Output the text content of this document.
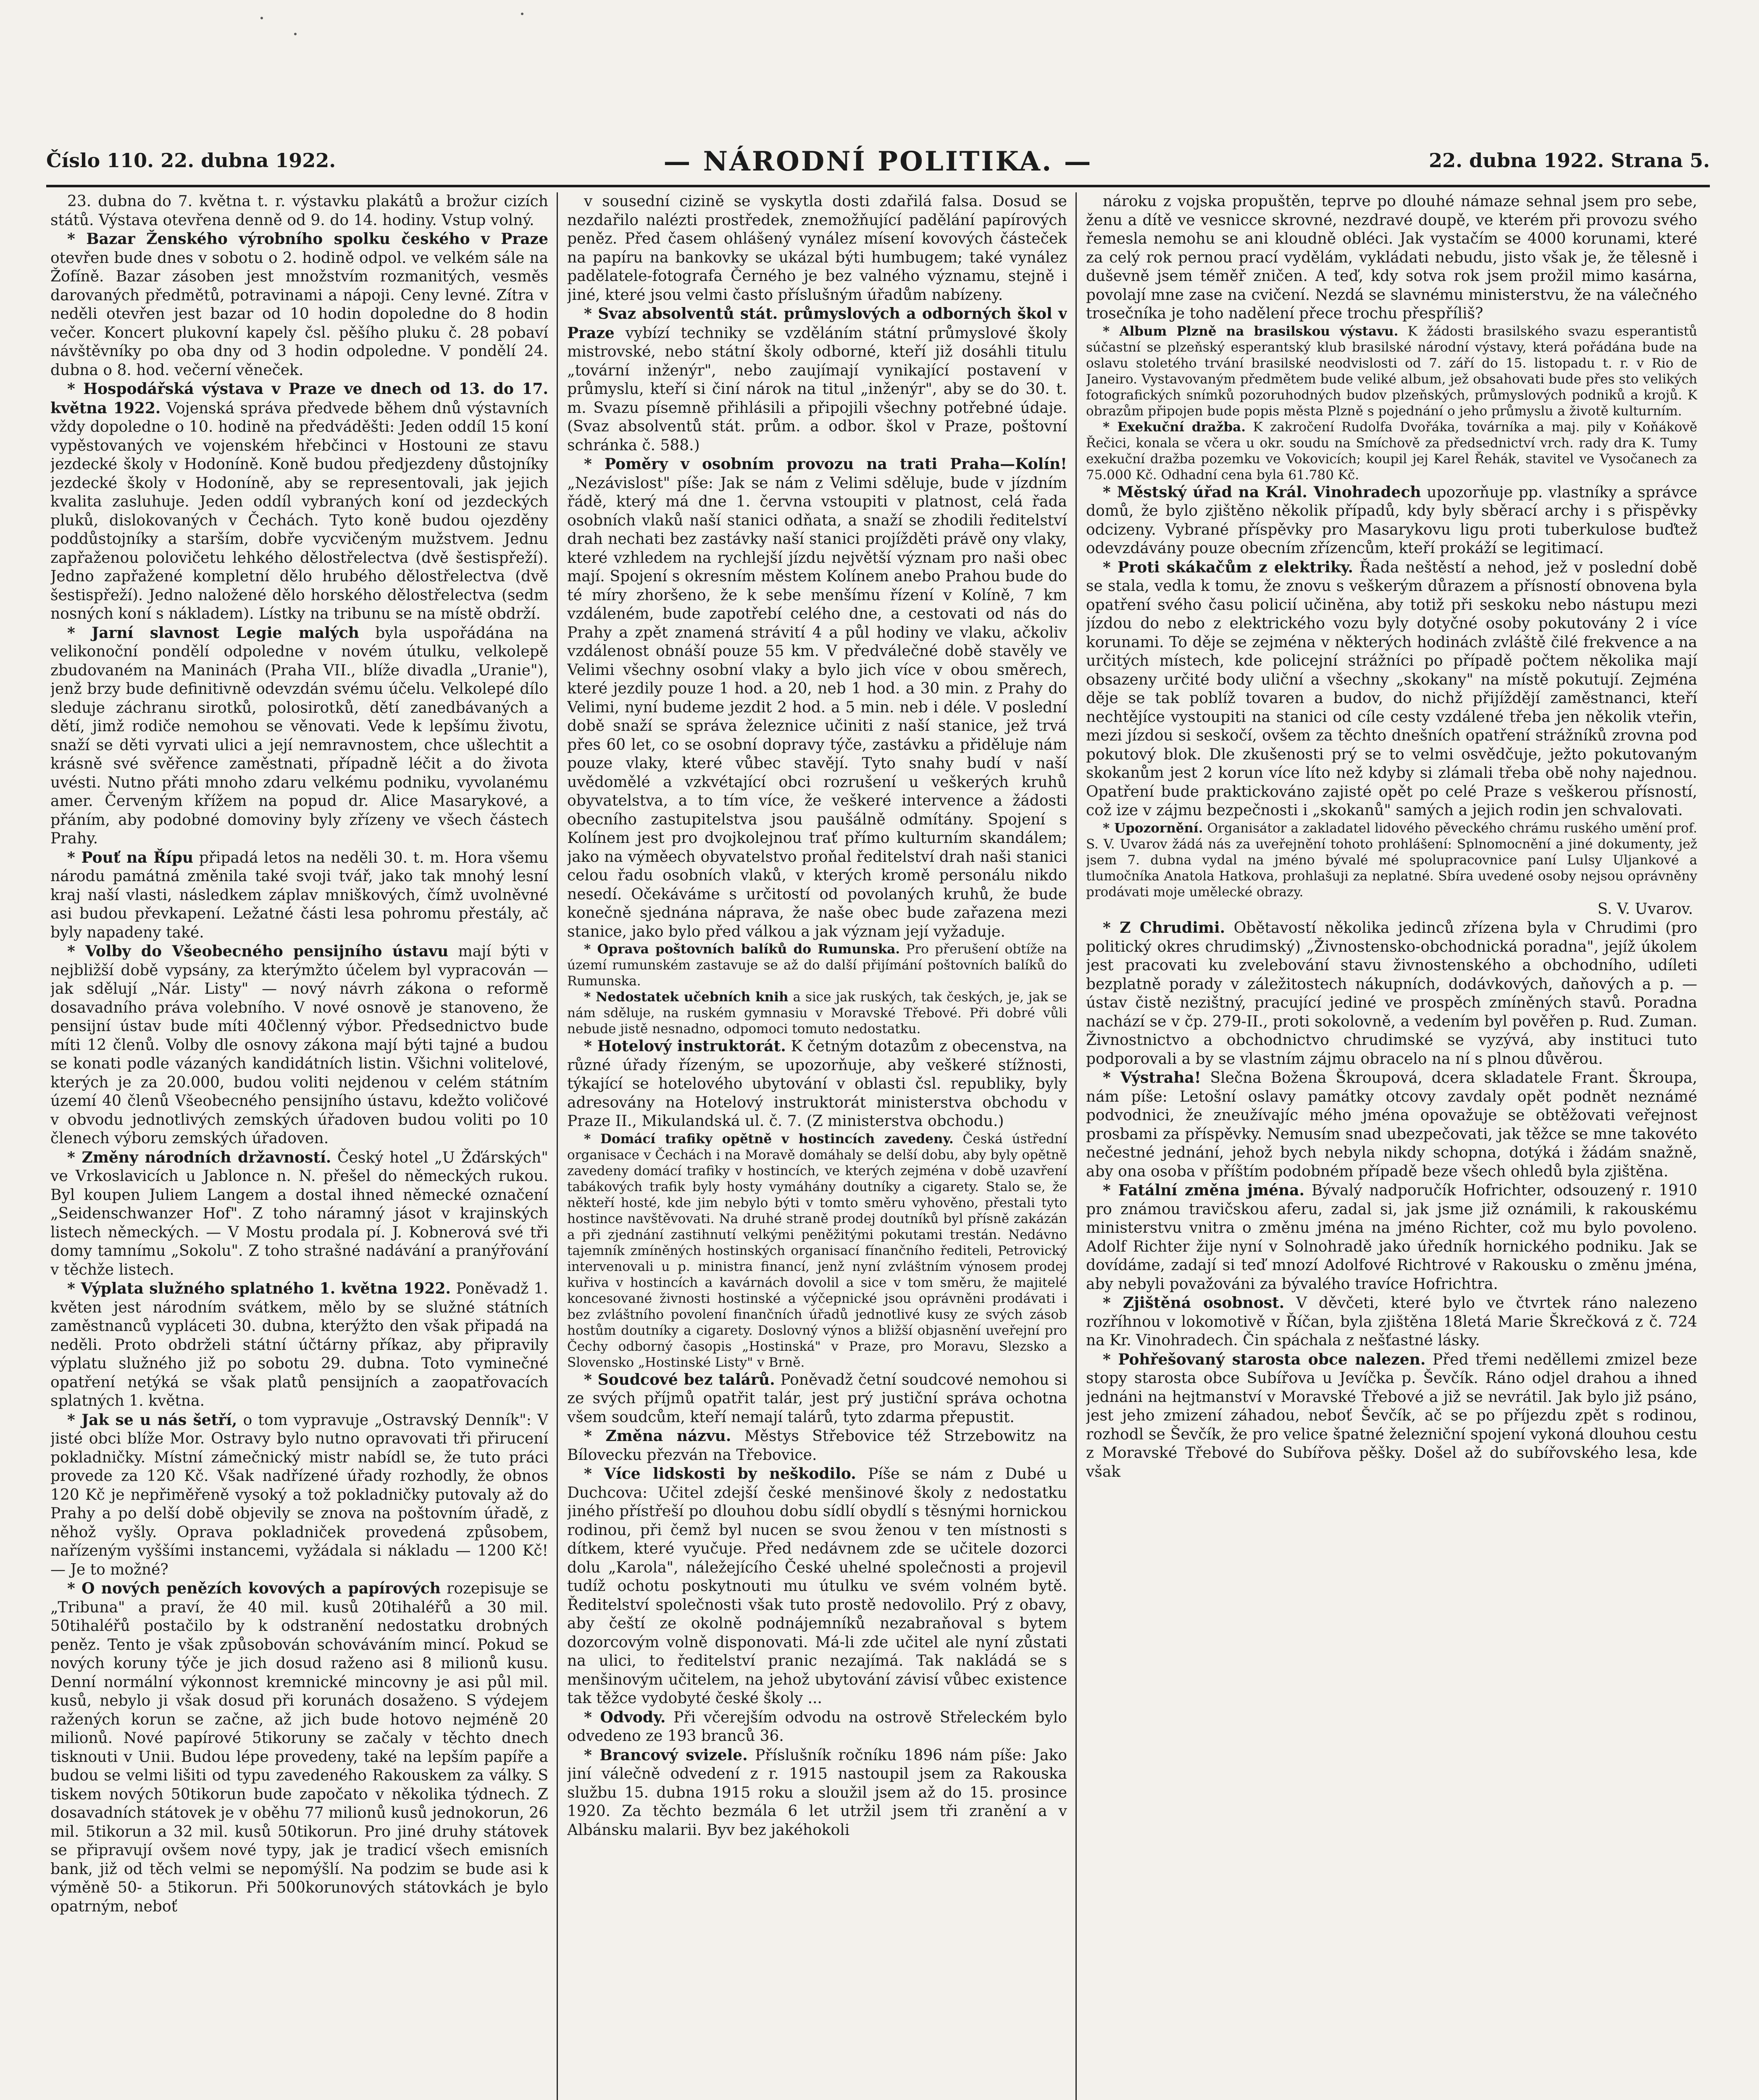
Číslo 110. 22. dubna 1922.	— NÁRODNÍ POLITIKA. —	22. dubna 1922. Strana 5.

23. dubna do 7. května t. r. výstavku plakátů a brožur cizích států. Výstava otevřena denně od 9. do 14. hodiny. Vstup volný.

* Bazar Ženského výrobního spolku českého v Praze otevřen bude dnes v sobotu o 2. hodině odpol. ve velkém sále na Žofíně. Bazar zásoben jest množstvím rozmanitých, vesměs darovaných předmětů, potravinami a nápoji. Ceny levné. Zítra v neděli otevřen jest bazar od 10 hodin dopoledne do 8 hodin večer. Koncert plukovní kapely čsl. pěšího pluku č. 28 pobaví návštěvníky po oba dny od 3 hodin odpoledne. V pondělí 24. dubna o 8. hod. večerní věneček.

* Hospodářská výstava v Praze ve dnech od 13. do 17. května 1922. Vojenská správa předvede během dnů výstavních vždy dopoledne o 10. hodině na předváděšti: Jeden oddíl 15 koní vypěstovaných ve vojenském hřebčinci v Hostouni ze stavu jezdecké školy v Hodoníně. Koně budou předjezdeny důstojníky jezdecké školy v Hodoníně, aby se representovali, jak jejich kvalita zasluhuje. Jeden oddíl vybraných koní od jezdeckých pluků, dislokovaných v Čechách. Tyto koně budou ojezděny poddůstojníky a starším, dobře vycvičeným mužstvem. Jednu zapřaženou polovičetu lehkého dělostřelectva (dvě šestispřeží). Jedno zapřažené kompletní dělo hrubého dělostřelectva (dvě šestispřeží). Jedno naložené dělo horského dělostřelectva (sedm nosných koní s nákladem). Lístky na tribunu se na místě obdrží.

* Jarní slavnost Legie malých byla uspořádána na velikonoční pondělí odpoledne v novém útulku, velkolepě zbudovaném na Maninách (Praha VII., blíže divadla „Uranie"), jenž brzy bude definitivně odevzdán svému účelu. Velkolepé dílo sleduje záchranu sirotků, polosirotků, dětí zanedbávaných a dětí, jimž rodiče nemohou se věnovati. Vede k lepšímu životu, snaží se děti vyrvati ulici a její nemravnostem, chce ušlechtit a krásně své svěřence zaměstnati, případně léčit a do života uvésti. Nutno přáti mnoho zdaru velkému podniku, vyvolanému amer. Červeným křížem na popud dr. Alice Masarykové, a přáním, aby podobné domoviny byly zřízeny ve všech částech Prahy.

* Pouť na Řípu připadá letos na neděli 30. t. m. Hora všemu národu památná změnila také svoji tvář, jako tak mnohý lesní kraj naší vlasti, následkem záplav mniškových, čímž uvolněvné asi budou převkapení. Ležatné části lesa pohromu přestály, ač byly napadeny také.

* Volby do Všeobecného pensijního ústavu mají býti v nejbližší době vypsány, za kterýmžto účelem byl vypracován — jak sdělují „Nár. Listy" — nový návrh zákona o reformě dosavadního práva volebního. V nové osnově je stanoveno, že pensijní ústav bude míti 40členný výbor. Předsednictvo bude míti 12 členů. Volby dle osnovy zákona mají býti tajné a budou se konati podle vázaných kandidátních listin. Všichni volitelové, kterých je za 20.000, budou voliti nejdenou v celém státním území 40 členů Všeobecného pensijního ústavu, kdežto voličové v obvodu jednotlivých zemských úřadoven budou voliti po 10 členech výboru zemských úřadoven.

* Změny národních državností. Český hotel „U Žďárských" ve Vrkoslavicích u Jablonce n. N. přešel do německých rukou. Byl koupen Juliem Langem a dostal ihned německé označení „Seidenschwanzer Hof". Z toho náramný jásot v krajinských listech německých. — V Mostu prodala pí. J. Kobnerová své tři domy tamnímu „Sokolu". Z toho strašné nadávání a pranýřování v těchže listech.

* Výplata služného splatného 1. května 1922. Poněvadž 1. květen jest národním svátkem, mělo by se služné státních zaměstnanců vypláceti 30. dubna, kterýžto den však připadá na neděli. Proto obdrželi státní účtárny příkaz, aby připravily výplatu služného již po sobotu 29. dubna. Toto vyminečné opatření netýká se však platů pensijních a zaopatřovacích splatných 1. května.

* Jak se u nás šetří, o tom vypravuje „Ostravský Denník": V jisté obci blíže Mor. Ostravy bylo nutno opravovati tři přirucení pokladničky. Místní zámečnický mistr nabídl se, že tuto práci provede za 120 Kč. Však nadřízené úřady rozhodly, že obnos 120 Kč je nepřiměřeně vysoký a tož pokladničky putovaly až do Prahy a po delší době objevily se znova na poštovním úřadě, z něhož vyšly. Oprava pokladniček provedená způsobem, nařízeným vyššími instancemi, vyžádala si nákladu — 1200 Kč! — Je to možné?

* O nových penězích kovových a papírových rozepisuje se „Tribuna" a praví, že 40 mil. kusů 20tihaléřů a 30 mil. 50tihaléřů postačilo by k odstranění nedostatku drobných peněz. Tento je však způsobován schováváním mincí. Pokud se nových koruny týče je jich dosud raženo asi 8 milionů kusu. Denní normální výkonnost kremnické mincovny je asi půl mil. kusů, nebylo ji však dosud při korunách dosaženo. S výdejem ražených korun se začne, až jich bude hotovo nejméně 20 milionů. Nové papírové 5tikoruny se začaly v těchto dnech tisknouti v Unii. Budou lépe provedeny, také na lepším papíře a budou se velmi lišiti od typu zavedeného Rakouskem za války. S tiskem nových 50tikorun bude započato v několika týdnech. Z dosavadních státovek je v oběhu 77 milionů kusů jednokorun, 26 mil. 5tikorun a 32 mil. kusů 50tikorun. Pro jiné druhy státovek se připravují ovšem nové typy, jak je tradicí všech emisních bank, již od těch velmi se nepomýšlí. Na podzim se bude asi k výměně 50- a 5tikorun. Při 500korunových státovkách je bylo opatrným, neboť

v sousední cizině se vyskytla dosti zdařilá falsa. Dosud se nezdařilo nalézti prostředek, znemožňující padělání papírových peněz. Před časem ohlášený vynález mísení kovových částeček na papíru na bankovky se ukázal býti humbugem; také vynález padělatele-fotografa Černého je bez valného významu, stejně i jiné, které jsou velmi často příslušným úřadům nabízeny.

* Svaz absolventů stát. průmyslových a odborných škol v Praze vybízí techniky se vzděláním státní průmyslové školy mistrovské, nebo státní školy odborné, kteří již dosáhli titulu „tovární inženýr", nebo zaujímají vynikající postavení v průmyslu, kteří si činí nárok na titul „inženýr", aby se do 30. t. m. Svazu písemně přihlásili a připojili všechny potřebné údaje. (Svaz absolventů stát. prům. a odbor. škol v Praze, poštovní schránka č. 588.)

* Poměry v osobním provozu na trati Praha—Kolín! „Nezávislost" píše: Jak se nám z Velimi sděluje, bude v jízdním řádě, který má dne 1. června vstoupiti v platnost, celá řada osobních vlaků naší stanici odňata, a snaží se zhodili ředitelství drah nechati bez zastávky naší stanici projížděti právě ony vlaky, které vzhledem na rychlejší jízdu největší význam pro naši obec mají. Spojení s okresním městem Kolínem anebo Prahou bude do té míry zhoršeno, že k sebe menšímu řízení v Kolíně, 7 km vzdáleném, bude zapotřebí celého dne, a cestovati od nás do Prahy a zpět znamená strávití 4 a půl hodiny ve vlaku, ačkoliv vzdálenost obnáší pouze 55 km. V předválečné době stavěly ve Velimi všechny osobní vlaky a bylo jich více v obou směrech, které jezdily pouze 1 hod. a 20, neb 1 hod. a 30 min. z Prahy do Velimi, nyní budeme jezdit 2 hod. a 5 min. neb i déle. V poslední době snaží se správa železnice učiniti z naší stanice, jež trvá přes 60 let, co se osobní dopravy týče, zastávku a přiděluje nám pouze vlaky, které vůbec stavějí. Tyto snahy budí v naší uvědomělé a vzkvétající obci rozrušení u veškerých kruhů obyvatelstva, a to tím více, že veškeré intervence a žádosti obecního zastupitelstva jsou paušálně odmítány. Spojení s Kolínem jest pro dvojkolejnou trať přímo kulturním skandálem; jako na výměech obyvatelstvo proňal ředitelství drah naši stanici celou řadu osobních vlaků, v kterých kromě personálu nikdo nesedí. Očekáváme s určitostí od povolaných kruhů, že bude konečně sjednána náprava, že naše obec bude zařazena mezi stanice, jako bylo před válkou a jak význam její vyžaduje.

* Oprava poštovních balíků do Rumunska. Pro přerušení obtíže na území rumunském zastavuje se až do další přijímání poštovních balíků do Rumunska.

* Nedostatek učebních knih a sice jak ruských, tak českých, je, jak se nám sděluje, na ruském gymnasiu v Moravské Třebové. Při dobré vůli nebude jistě nesnadno, odpomoci tomuto nedostatku.

* Hotelový instruktorát. K četným dotazům z obecenstva, na různé úřady řízeným, se upozorňuje, aby veškeré stížnosti, týkající se hotelového ubytování v oblasti čsl. republiky, byly adresovány na Hotelový instruktorát ministerstva obchodu v Praze II., Mikulandská ul. č. 7. (Z ministerstva obchodu.)

* Domácí trafiky opětně v hostincích zavedeny. Česká ústřední organisace v Čechách i na Moravě domáhaly se delší dobu, aby byly opětně zavedeny domácí trafiky v hostincích, ve kterých zejména v době uzavření tabákových trafik byly hosty vymáhány doutníky a cigarety. Stalo se, že někteří hosté, kde jim nebylo býti v tomto směru vyhověno, přestali tyto hostince navštěvovati. Na druhé straně prodej doutníků byl přísně zakázán a při zjednání zastihnutí velkými peněžitými pokutami trestán. Nedávno tajemník zmíněných hostinských organisací fínančního řediteli, Petrovický intervenovali u p. ministra financí, jenž nyní zvláštním výnosem prodej kuřiva v hostincích a kavárnách dovolil a sice v tom směru, že majitelé koncesované živnosti hostinské a výčepnické jsou oprávněni prodávati i bez zvláštního povolení finančních úřadů jednotlivé kusy ze svých zásob hostům doutníky a cigarety. Doslovný výnos a bližší objasnění uveřejní pro Čechy odborný časopis „Hostinská" v Praze, pro Moravu, Slezsko a Slovensko „Hostinské Listy" v Brně.

* Soudcové bez talárů. Poněvadž četní soudcové nemohou si ze svých příjmů opatřit talár, jest prý justiční správa ochotna všem soudcům, kteří nemají talárů, tyto zdarma přepustit.

* Změna názvu. Městys Střebovice též Strzebowitz na Bílovecku přezván na Třebovice.

* Více lidskosti by neškodilo. Píše se nám z Dubé u Duchcova: Učitel zdejší české menšinové školy z nedostatku jiného přístřeší po dlouhou dobu sídlí obydlí s těsnými hornickou rodinou, při čemž byl nucen se svou ženou v ten místnosti s dítkem, které vyučuje. Před nedávnem zde se učitele dozorci dolu „Karola", náležejícího České uhelné společnosti a projevil tudíž ochotu poskytnouti mu útulku ve svém volném bytě. Ředitelství společnosti však tuto prostě nedovolilo. Prý z obavy, aby čeští ze okolně podnájemníků nezabraňoval s bytem dozorcovým volně disponovati. Má-li zde učitel ale nyní zůstati na ulici, to ředitelství pranic nezajímá. Tak nakládá se s menšinovým učitelem, na jehož ubytování závisí vůbec existence tak těžce vydobyté české školy ...

* Odvody. Při včerejším odvodu na ostrově Střeleckém bylo odvedeno ze 193 branců 36.

* Brancový svizele. Příslušník ročníku 1896 nám píše: Jako jiní válečně odvedení z r. 1915 nastoupil jsem za Rakouska službu 15. dubna 1915 roku a sloužil jsem až do 15. prosince 1920. Za těchto bezmála 6 let utržil jsem tři zranění a v Albánsku malarii. Byv bez jakéhokoli

nároku z vojska propuštěn, teprve po dlouhé námaze sehnal jsem pro sebe, ženu a dítě ve vesnicce skrovné, nezdravé doupě, ve kterém při provozu svého řemesla nemohu se ani kloudně obléci. Jak vystačím se 4000 korunami, které za celý rok pernou prací vydělám, vykládati nebudu, jisto však je, že tělesně i duševně jsem téměř zničen. A teď, kdy sotva rok jsem prožil mimo kasárna, povolají mne zase na cvičení. Nezdá se slavnému ministerstvu, že na válečného trosečníka je toho nadělení přece trochu přespříliš?

* Album Plzně na brasilskou výstavu. K žádosti brasilského svazu esperantistů súčastní se plzeňský esperantský klub brasilské národní výstavy, která pořádána bude na oslavu stoletého trvání brasilské neodvislosti od 7. září do 15. listopadu t. r. v Rio de Janeiro. Vystavovaným předmětem bude veliké album, jež obsahovati bude přes sto velikých fotografických snímků pozoruhodných budov plzeňských, průmyslových podniků a krojů. K obrazům připojen bude popis města Plzně s pojednání o jeho průmyslu a životě kulturním.

* Exekuční dražba. K zakročení Rudolfa Dvořáka, továrníka a maj. pily v Koňákově Řečici, konala se včera u okr. soudu na Smíchově za předsednictví vrch. rady dra K. Tumy exekuční dražba pozemku ve Vokovicích; koupil jej Karel Řehák, stavitel ve Vysočanech za 75.000 Kč. Odhadní cena byla 61.780 Kč.

* Městský úřad na Král. Vinohradech upozorňuje pp. vlastníky a správce domů, že bylo zjištěno několik případů, kdy byly sběrací archy i s přispěvky odcizeny. Vybrané příspěvky pro Masarykovu ligu proti tuberkulose buďtež odevzdávány pouze obecním zřízencům, kteří prokáží se legitimací.

* Proti skákačům z elektriky. Řada neštěstí a nehod, jež v poslední době se stala, vedla k tomu, že znovu s veškerým důrazem a přísností obnovena byla opatření svého času policií učiněna, aby totiž při seskoku nebo nástupu mezi jízdou do nebo z elektrického vozu byly dotyčné osoby pokutovány 2 i více korunami. To děje se zejména v některých hodinách zvláště čilé frekvence a na určitých místech, kde policejní strážníci po případě počtem několika mají obsazeny určité body uliční a všechny „skokany" na místě pokutují. Zejména děje se tak poblíž tovaren a budov, do nichž přijíždějí zaměstnanci, kteří nechtějíce vystoupiti na stanici od cíle cesty vzdálené třeba jen několik vteřin, mezi jízdou si seskočí, ovšem za těchto dnešních opatření strážníků zrovna pod pokutový blok. Dle zkušenosti prý se to velmi osvědčuje, ježto pokutovaným skokanům jest 2 korun více líto než kdyby si zlámali třeba obě nohy najednou. Opatření bude praktickováno zajisté opět po celé Praze s veškerou přísností, což ize v zájmu bezpečnosti i „skokanů" samých a jejich rodin jen schvalovati.

* Upozornění. Organisátor a zakladatel lidového pěveckého chrámu ruského umění prof. S. V. Uvarov žádá nás za uveřejnění tohoto prohlášení: Splnomocnění a jiné dokumenty, jež jsem 7. dubna vydal na jméno bývalé mé spolupracovnice paní Lulsy Uljankové a tlumočníka Anatola Hatkova, prohlašuji za neplatné. Sbíra uvedené osoby nejsou oprávněny prodávati moje umělecké obrazy.

S. V. Uvarov.

* Z Chrudimi. Obětavostí několika jedinců zřízena byla v Chrudimi (pro politický okres chrudimský) „Živnostensko-obchodnická poradna", jejíž úkolem jest pracovati ku zvelebování stavu živnostenského a obchodního, udíleti bezplatně porady v záležitostech nákupních, dodávkových, daňových a p. — ústav čistě nezištný, pracující jediné ve prospěch zmíněných stavů. Poradna nachází se v čp. 279-II., proti sokolovně, a vedením byl pověřen p. Rud. Zuman. Živnostnictvo a obchodnictvo chrudimské se vyzývá, aby instituci tuto podporovali a by se vlastním zájmu obracelo na ní s plnou důvěrou.

* Výstraha! Slečna Božena Škroupová, dcera skladatele Frant. Škroupa, nám píše: Letošní oslavy památky otcovy zavdaly opět podnět neznámé podvodnici, že zneužívajíc mého jména opovažuje se obtěžovati veřejnost prosbami za příspěvky. Nemusím snad ubezpečovati, jak těžce se mne takovéto nečestné jednání, jehož bych nebyla nikdy schopna, dotýká i žádám snažně, aby ona osoba v příštím podobném případě beze všech ohledů byla zjištěna.

* Fatální změna jména. Bývalý nadporučík Hofrichter, odsouzený r. 1910 pro známou travičskou aferu, zadal si, jak jsme již oznámili, k rakouskému ministerstvu vnitra o změnu jména na jméno Richter, což mu bylo povoleno. Adolf Richter žije nyní v Solnohradě jako úředník hornického podniku. Jak se dovídáme, zadají si teď mnozí Adolfové Richtrové v Rakousku o změnu jména, aby nebyli považováni za bývalého travíce Hofrichtra.

* Zjištěná osobnost. V děvčeti, které bylo ve čtvrtek ráno nalezeno rozříhnou v lokomotivě v Říčan, byla zjištěna 18letá Marie Škrečková z č. 724 na Kr. Vinohradech. Čin spáchala z nešťastné lásky.

* Pohřešovaný starosta obce nalezen. Před třemi neděllemi zmizel beze stopy starosta obce Subířova u Jevíčka p. Ševčík. Ráno odjel drahou a ihned jednáni na hejtmanství v Moravské Třebové a již se nevrátil. Jak bylo již psáno, jest jeho zmizení záhadou, neboť Ševčík, ač se po příjezdu zpět s rodinou, rozhodl se Ševčík, že pro velice špatné železniční spojení vykoná dlouhou cestu z Moravské Třebové do Subířova pěšky. Došel až do subířovského lesa, kde však
